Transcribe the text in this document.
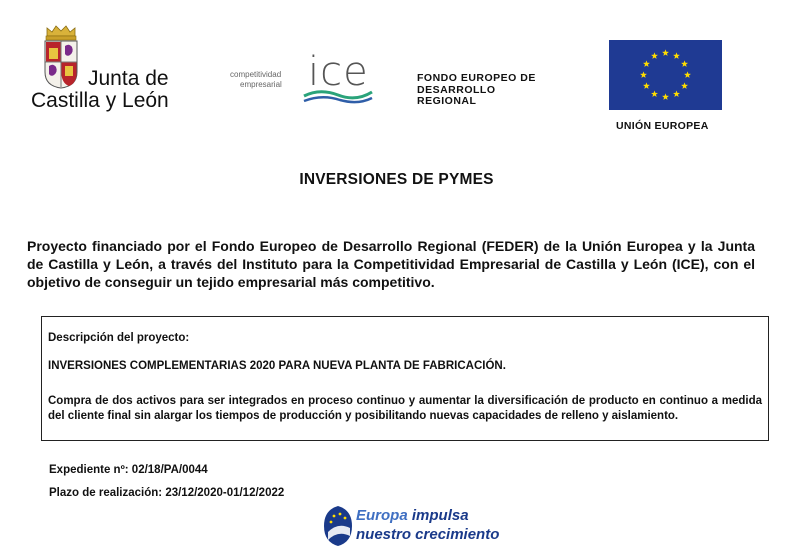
Junta de
Castilla y León
competitividad
empresarial ice	FONDO EUROPEO DE
DESARROLLO
REGIONAL
UNIÓN EUROPEA
INVERSIONES DE PYMES
Proyecto financiado por el Fondo Europeo de Desarrollo Regional (FEDER) de la Unión Europea y la Junta de Castilla y León, a través del Instituto para la Competitividad Empresarial de Castilla y León (ICE), con el objetivo de conseguir un tejido empresarial más competitivo.
Descripción del proyecto:
INVERSIONES COMPLEMENTARIAS 2020 PARA NUEVA PLANTA DE FABRICACIÓN.
Compra de dos activos para ser integrados en proceso continuo y aumentar la diversificación de producto en continuo a medida del cliente final sin alargar los tiempos de producción y posibilitando nuevas capacidades de relleno y aislamiento.
Expediente nº: 02/18/PA/0044
Plazo de realización: 23/12/2020-01/12/2022
Europa impulsa
nuestro crecimiento
